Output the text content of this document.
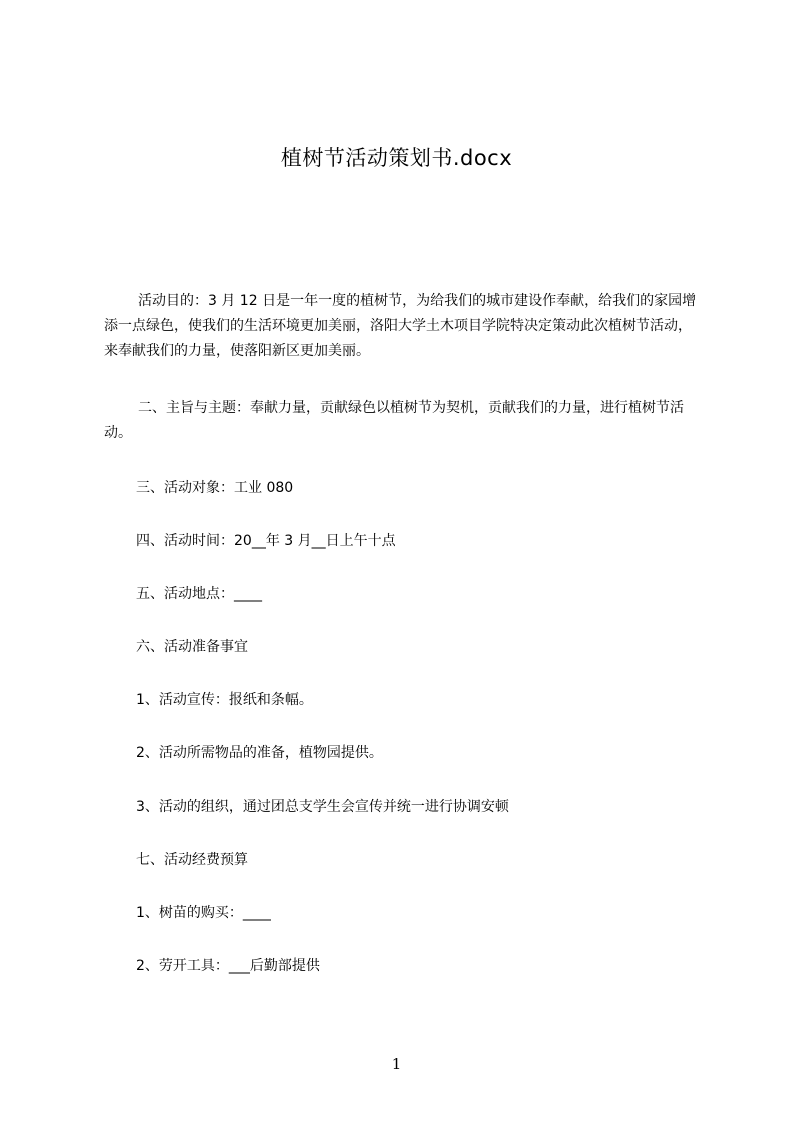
植树节活动策划书.docx

活动目的：3 月 12 日是一年一度的植树节，为给我们的城市建设作奉献，给我们的家园增添一点绿色，使我们的生活环境更加美丽，洛阳大学土木项目学院特决定策动此次植树节活动，来奉献我们的力量，使落阳新区更加美丽。

二、主旨与主题：奉献力量，贡献绿色以植树节为契机，贡献我们的力量，进行植树节活动。

三、活动对象：工业 080
四、活动时间：20__年 3 月__日上午十点
五、活动地点：____
六、活动准备事宜
1、活动宣传：报纸和条幅。
2、活动所需物品的准备，植物园提供。
3、活动的组织，通过团总支学生会宣传并统一进行协调安顿
七、活动经费预算
1、树苗的购买：____
2、劳开工具：___后勤部提供
1
